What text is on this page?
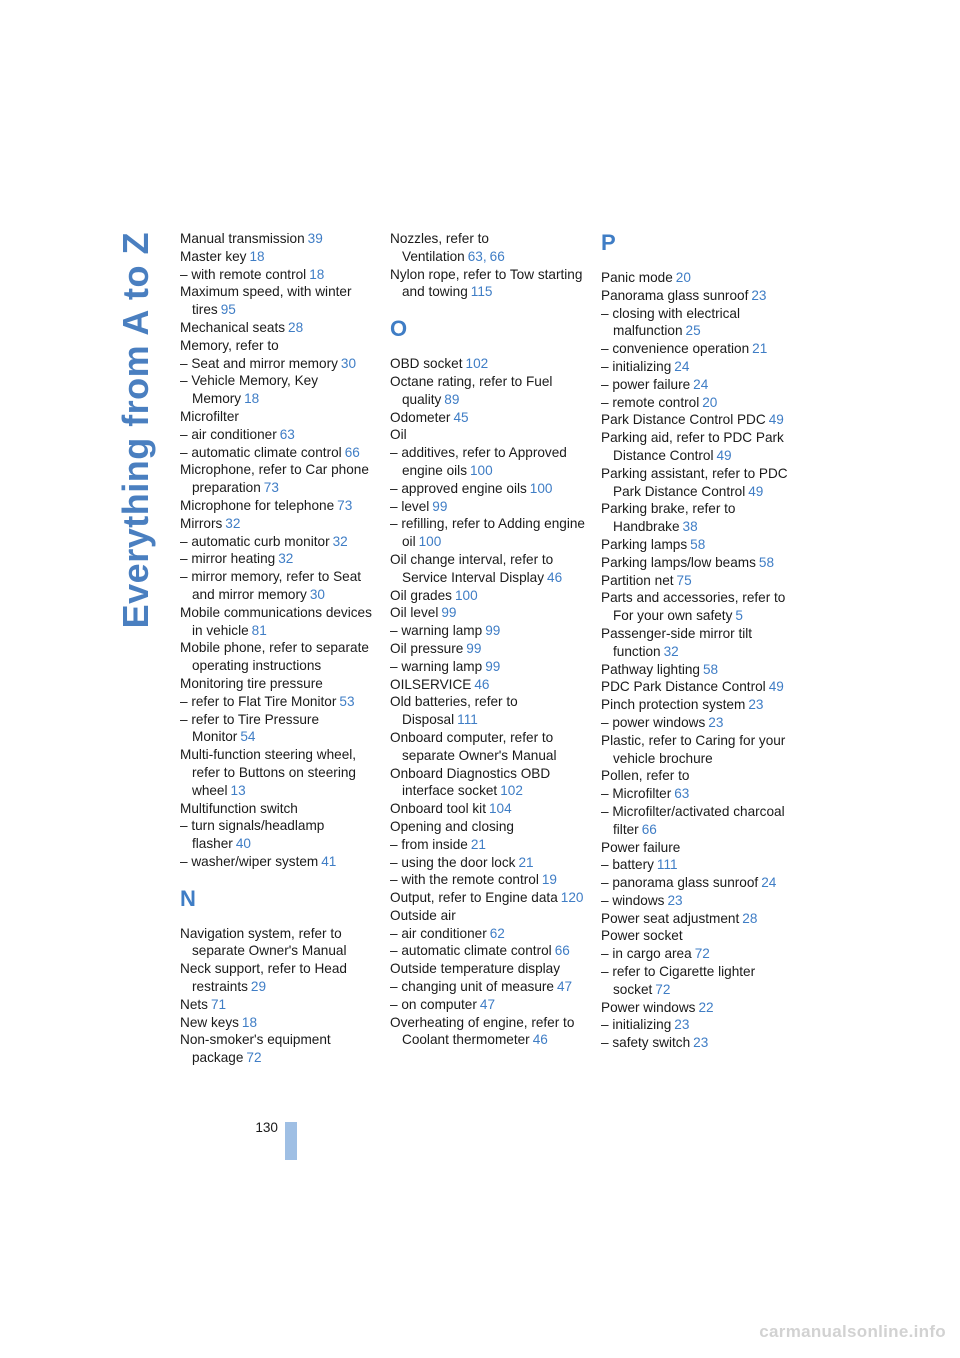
Everything from A to Z Manual transmission 39
Master key 18
– with remote control 18
Maximum speed, with winter tires 95
Mechanical seats 28
Memory, refer to
– Seat and mirror memory 30
– Vehicle Memory, Key Memory 18
Microfilter
– air conditioner 63
– automatic climate control 66
Microphone, refer to Car phone preparation 73
Microphone for telephone 73
Mirrors 32
– automatic curb monitor 32
– mirror heating 32
– mirror memory, refer to Seat and mirror memory 30
Mobile communications devices in vehicle 81
Mobile phone, refer to separate operating instructions
Monitoring tire pressure
– refer to Flat Tire Monitor 53
– refer to Tire Pressure Monitor 54
Multi-function steering wheel, refer to Buttons on steering wheel 13
Multifunction switch
– turn signals/headlamp flasher 40
– washer/wiper system 41
N
Navigation system, refer to separate Owner's Manual
Neck support, refer to Head restraints 29
Nets 71
New keys 18
Non-smoker's equipment package 72
Nozzles, refer to Ventilation 63, 66
Nylon rope, refer to Tow starting and towing 115
O
OBD socket 102
Octane rating, refer to Fuel quality 89
Odometer 45
Oil
– additives, refer to Approved engine oils 100
– approved engine oils 100
– level 99
– refilling, refer to Adding engine oil 100
Oil change interval, refer to Service Interval Display 46
Oil grades 100
Oil level 99
– warning lamp 99
Oil pressure 99
– warning lamp 99
OILSERVICE 46
Old batteries, refer to Disposal 111
Onboard computer, refer to separate Owner's Manual
Onboard Diagnostics OBD interface socket 102
Onboard tool kit 104
Opening and closing
– from inside 21
– using the door lock 21
– with the remote control 19
Output, refer to Engine data 120
Outside air
– air conditioner 62
– automatic climate control 66
Outside temperature display
– changing unit of measure 47
– on computer 47
Overheating of engine, refer to Coolant thermometer 46
P
Panic mode 20
Panorama glass sunroof 23
– closing with electrical malfunction 25
– convenience operation 21
– initializing 24
– power failure 24
– remote control 20
Park Distance Control PDC 49
Parking aid, refer to PDC Park Distance Control 49
Parking assistant, refer to PDC Park Distance Control 49
Parking brake, refer to Handbrake 38
Parking lamps 58
Parking lamps/low beams 58
Partition net 75
Parts and accessories, refer to For your own safety 5
Passenger-side mirror tilt function 32
Pathway lighting 58
PDC Park Distance Control 49
Pinch protection system 23
– power windows 23
Plastic, refer to Caring for your vehicle brochure
Pollen, refer to
– Microfilter 63
– Microfilter/activated charcoal filter 66
Power failure
– battery 111
– panorama glass sunroof 24
– windows 23
Power seat adjustment 28
Power socket
– in cargo area 72
– refer to Cigarette lighter socket 72
Power windows 22
– initializing 23
– safety switch 23
130
carmanualsonline.info
